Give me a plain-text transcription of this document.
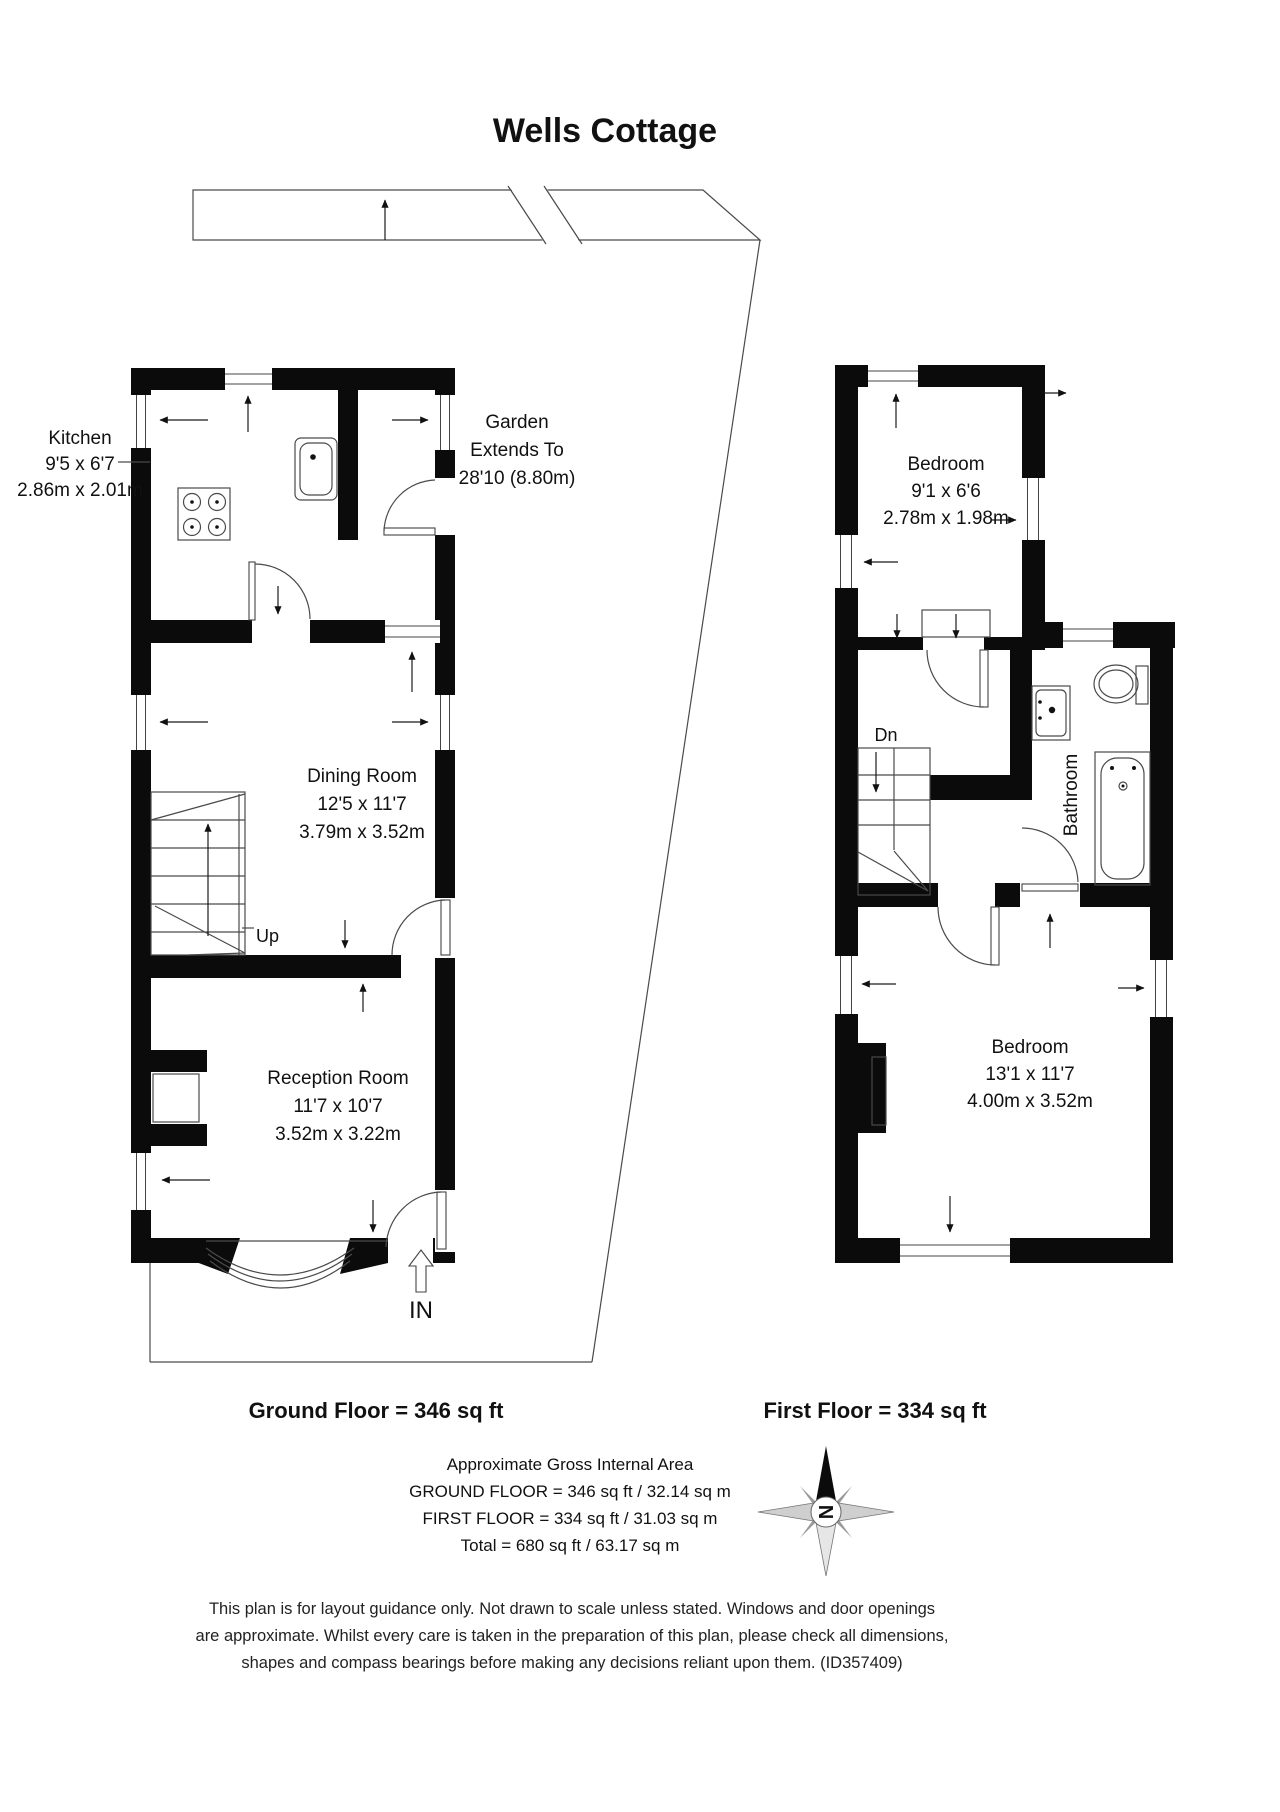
Wells Cottage
Kitchen
9'5 x 6'7
2.86m x 2.01m
Garden
Extends To
28'10 (8.80m)
Dining Room
12'5 x 11'7
3.79m x 3.52m
Up
Reception Room
11'7 x 10'7
3.52m x 3.22m
IN
Bedroom
9'1 x 6'6
2.78m x 1.98m
Dn
Bathroom
Bedroom
13'1 x 11'7
4.00m x 3.52m
Ground Floor = 346 sq ft	First Floor = 334 sq ft
Approximate Gross Internal Area
GROUND FLOOR = 346 sq ft / 32.14 sq m
FIRST FLOOR = 334 sq ft / 31.03 sq m
Total = 680 sq ft / 63.17 sq m
N
This plan is for layout guidance only. Not drawn to scale unless stated. Windows and door openings
are approximate. Whilst every care is taken in the preparation of this plan, please check all dimensions,
shapes and compass bearings before making any decisions reliant upon them. (ID357409)
